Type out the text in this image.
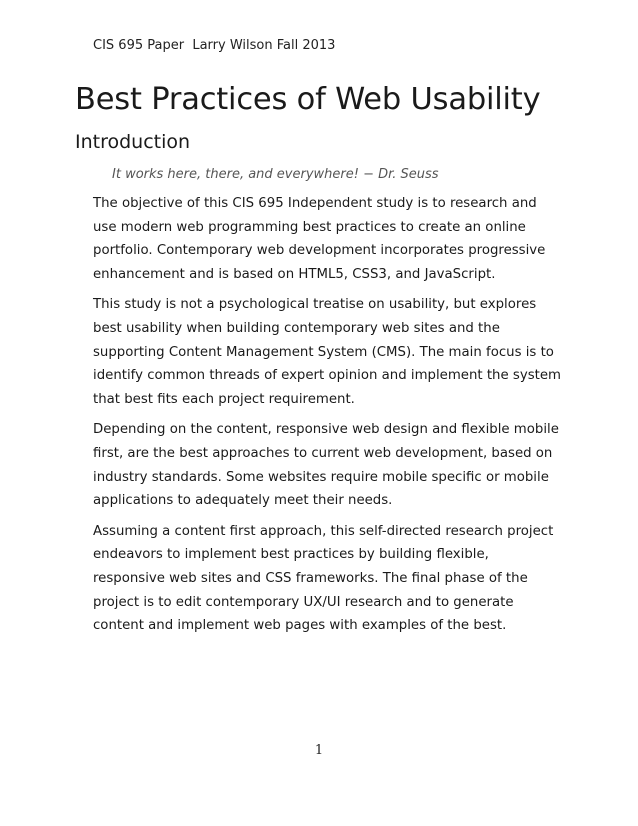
CIS 695 Paper  Larry Wilson Fall 2013
Best Practices of Web Usability
Introduction

It works here, there, and everywhere! − Dr. Seuss

The objective of this CIS 695 Independent study is to research and use modern web programming best practices to create an online portfolio. Contemporary web development incorporates progressive enhancement and is based on HTML5, CSS3, and JavaScript.

This study is not a psychological treatise on usability, but explores best usability when building contemporary web sites and the supporting Content Management System (CMS). The main focus is to identify common threads of expert opinion and implement the system that best fits each project requirement.

Depending on the content, responsive web design and flexible mobile first, are the best approaches to current web development, based on industry standards. Some websites require mobile specific or mobile applications to adequately meet their needs.

Assuming a content first approach, this self-directed research project endeavors to implement best practices by building flexible, responsive web sites and CSS frameworks. The final phase of the project is to edit contemporary UX/UI research and to generate content and implement web pages with examples of the best.

1
